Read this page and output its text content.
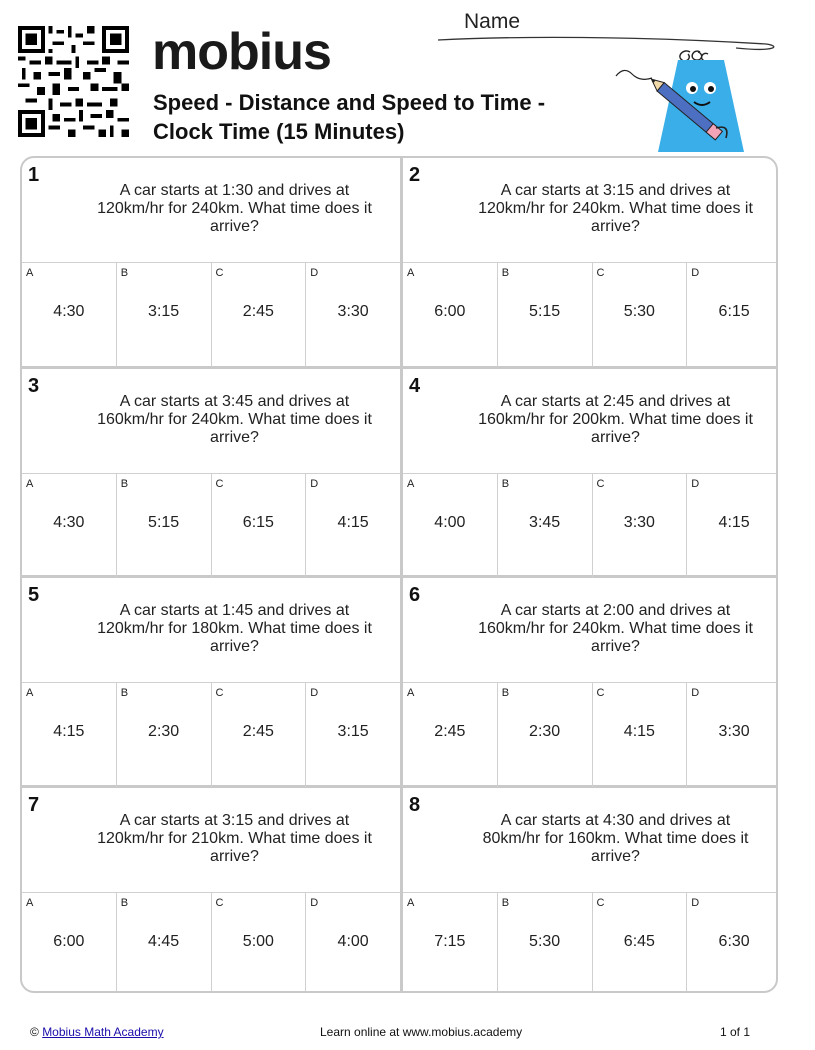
mobius
Speed - Distance and Speed to Time -
Clock Time (15 Minutes)
Name
1
A car starts at 1:30 and drives at 120km/hr for 240km. What time does it arrive?
A
4:30
B
3:15
C
2:45
D
3:30
2
A car starts at 3:15 and drives at 120km/hr for 240km. What time does it arrive?
A
6:00
B
5:15
C
5:30
D
6:15
3
A car starts at 3:45 and drives at 160km/hr for 240km. What time does it arrive?
A
4:30
B
5:15
C
6:15
D
4:15
4
A car starts at 2:45 and drives at 160km/hr for 200km. What time does it arrive?
A
4:00
B
3:45
C
3:30
D
4:15
5
A car starts at 1:45 and drives at 120km/hr for 180km. What time does it arrive?
A
4:15
B
2:30
C
2:45
D
3:15
6
A car starts at 2:00 and drives at 160km/hr for 240km. What time does it arrive?
A
2:45
B
2:30
C
4:15
D
3:30
7
A car starts at 3:15 and drives at 120km/hr for 210km. What time does it arrive?
A
6:00
B
4:45
C
5:00
D
4:00
8
A car starts at 4:30 and drives at 80km/hr for 160km. What time does it arrive?
A
7:15
B
5:30
C
6:45
D
6:30
© Mobius Math Academy	Learn online at www.mobius.academy	1 of 1
